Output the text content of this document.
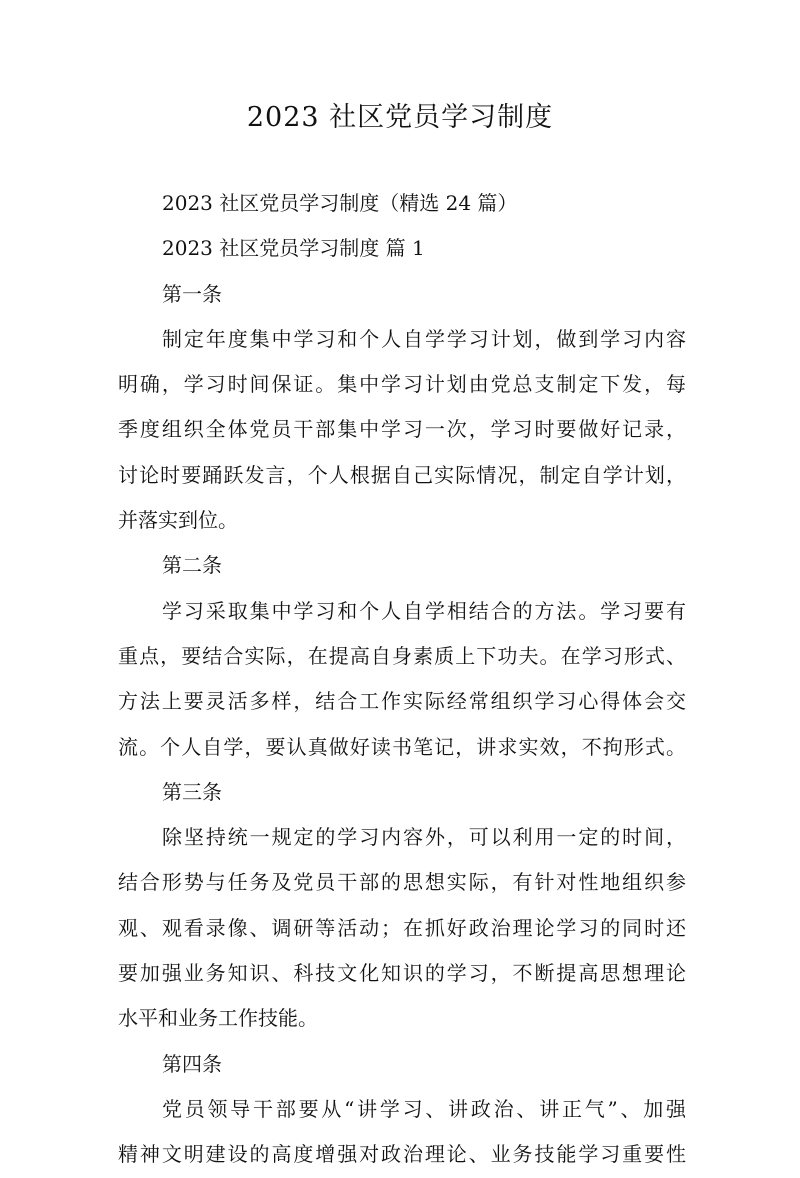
2023 社区党员学习制度
2023 社区党员学习制度（精选 24 篇）
2023 社区党员学习制度 篇 1
第一条
制定年度集中学习和个人自学学习计划，做到学习内容
明确，学习时间保证。集中学习计划由党总支制定下发，每
季度组织全体党员干部集中学习一次，学习时要做好记录，
讨论时要踊跃发言，个人根据自己实际情况，制定自学计划，
并落实到位。
第二条
学习采取集中学习和个人自学相结合的方法。学习要有
重点，要结合实际，在提高自身素质上下功夫。在学习形式、
方法上要灵活多样，结合工作实际经常组织学习心得体会交
流。个人自学，要认真做好读书笔记，讲求实效，不拘形式。
第三条
除坚持统一规定的学习内容外，可以利用一定的时间，
结合形势与任务及党员干部的思想实际，有针对性地组织参
观、观看录像、调研等活动；在抓好政治理论学习的同时还
要加强业务知识、科技文化知识的学习，不断提高思想理论
水平和业务工作技能。
第四条
党员领导干部要从“讲学习、讲政治、讲正气”、加强
精神文明建设的高度增强对政治理论、业务技能学习重要性
